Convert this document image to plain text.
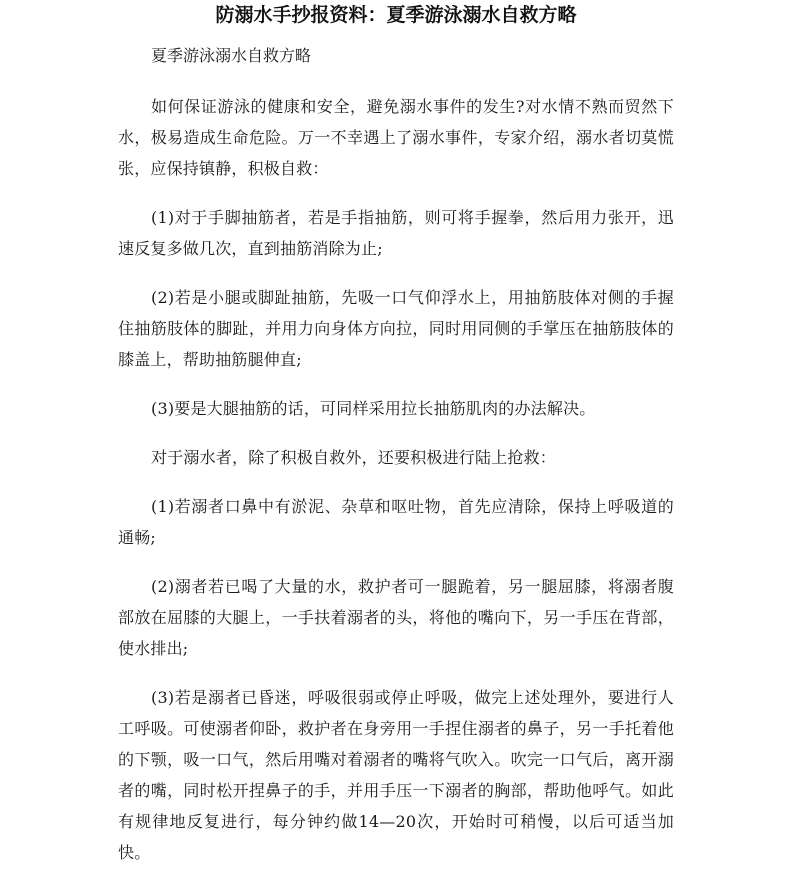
防溺水手抄报资料：夏季游泳溺水自救方略

夏季游泳溺水自救方略

如何保证游泳的健康和安全，避免溺水事件的发生?对水情不熟而贸然下水，极易造成生命危险。万一不幸遇上了溺水事件，专家介绍，溺水者切莫慌张，应保持镇静，积极自救：

(1)对于手脚抽筋者，若是手指抽筋，则可将手握拳，然后用力张开，迅速反复多做几次，直到抽筋消除为止;

(2)若是小腿或脚趾抽筋，先吸一口气仰浮水上，用抽筋肢体对侧的手握住抽筋肢体的脚趾，并用力向身体方向拉，同时用同侧的手掌压在抽筋肢体的膝盖上，帮助抽筋腿伸直;

(3)要是大腿抽筋的话，可同样采用拉长抽筋肌肉的办法解决。

对于溺水者，除了积极自救外，还要积极进行陆上抢救：

(1)若溺者口鼻中有淤泥、杂草和呕吐物，首先应清除，保持上呼吸道的通畅;

(2)溺者若已喝了大量的水，救护者可一腿跪着，另一腿屈膝，将溺者腹部放在屈膝的大腿上，一手扶着溺者的头，将他的嘴向下，另一手压在背部，使水排出;

(3)若是溺者已昏迷，呼吸很弱或停止呼吸，做完上述处理外，要进行人工呼吸。可使溺者仰卧，救护者在身旁用一手捏住溺者的鼻子，另一手托着他的下颚，吸一口气，然后用嘴对着溺者的嘴将气吹入。吹完一口气后，离开溺者的嘴，同时松开捏鼻子的手，并用手压一下溺者的胸部，帮助他呼气。如此有规律地反复进行，每分钟约做14—20次，开始时可稍慢，以后可适当加快。
